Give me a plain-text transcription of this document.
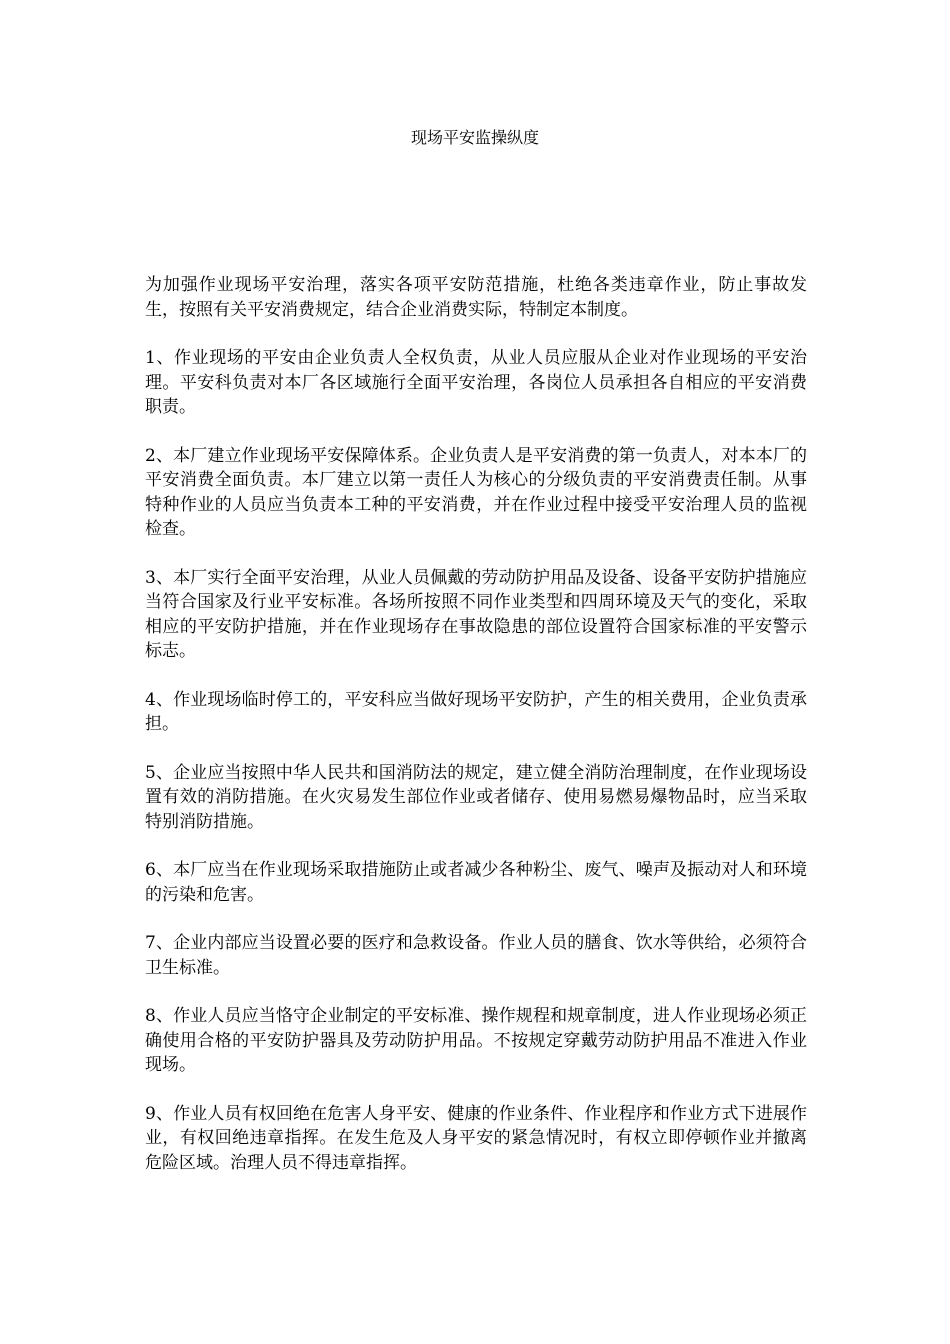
现场平安监操纵度

为加强作业现场平安治理，落实各项平安防范措施，杜绝各类违章作业，防止事故发生，按照有关平安消费规定，结合企业消费实际，特制定本制度。

1、作业现场的平安由企业负责人全权负责，从业人员应服从企业对作业现场的平安治理。平安科负责对本厂各区域施行全面平安治理，各岗位人员承担各自相应的平安消费职责。

2、本厂建立作业现场平安保障体系。企业负责人是平安消费的第一负责人，对本本厂的平安消费全面负责。本厂建立以第一责任人为核心的分级负责的平安消费责任制。从事特种作业的人员应当负责本工种的平安消费，并在作业过程中接受平安治理人员的监视检查。

3、本厂实行全面平安治理，从业人员佩戴的劳动防护用品及设备、设备平安防护措施应当符合国家及行业平安标准。各场所按照不同作业类型和四周环境及天气的变化，采取相应的平安防护措施，并在作业现场存在事故隐患的部位设置符合国家标准的平安警示标志。

4、作业现场临时停工的，平安科应当做好现场平安防护，产生的相关费用，企业负责承担。

5、企业应当按照中华人民共和国消防法的规定，建立健全消防治理制度，在作业现场设置有效的消防措施。在火灾易发生部位作业或者储存、使用易燃易爆物品时，应当采取特别消防措施。

6、本厂应当在作业现场采取措施防止或者减少各种粉尘、废气、噪声及振动对人和环境的污染和危害。

7、企业内部应当设置必要的医疗和急救设备。作业人员的膳食、饮水等供给，必须符合卫生标准。

8、作业人员应当恪守企业制定的平安标准、操作规程和规章制度，进人作业现场必须正确使用合格的平安防护器具及劳动防护用品。不按规定穿戴劳动防护用品不准进入作业现场。

9、作业人员有权回绝在危害人身平安、健康的作业条件、作业程序和作业方式下进展作业，有权回绝违章指挥。在发生危及人身平安的紧急情况时，有权立即停顿作业并撤离危险区域。治理人员不得违章指挥。
